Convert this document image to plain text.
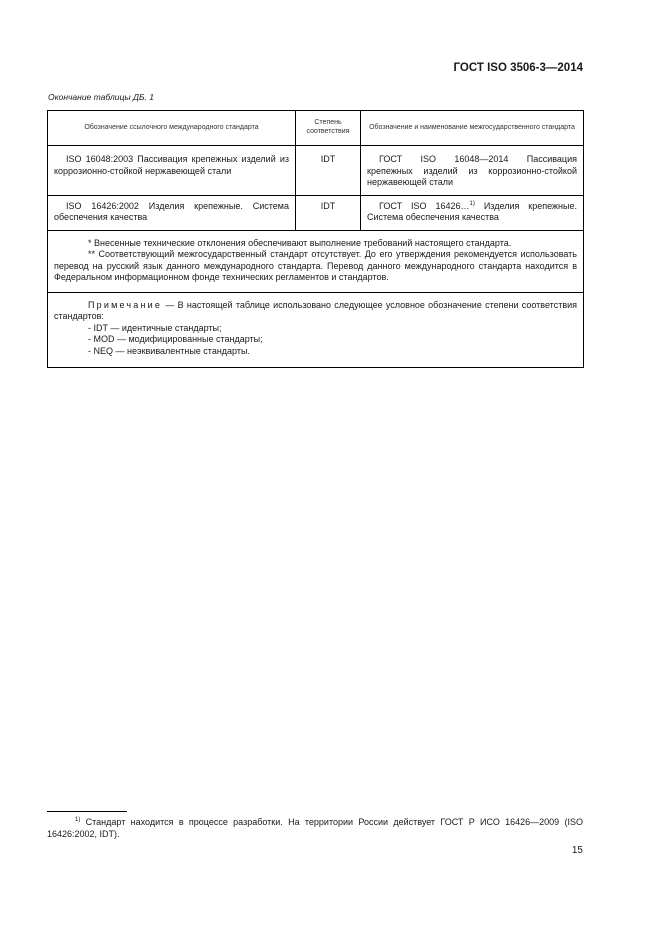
ГОСТ ISO 3506-3—2014
Окончание таблицы ДБ. 1
Обозначение ссылочного международного стандарта	Степень соответствия	Обозначение и наименование межгосударственного стандарта
ISO 16048:2003 Пассивация крепежных изделий из коррозионно-стойкой нержавеющей стали	IDT	ГОСТ ISO 16048—2014 Пассивация крепежных изделий из коррозионно-стойкой нержавеющей стали
ISO 16426:2002 Изделия крепежные. Система обеспечения качества	IDT	ГОСТ ISO 16426…$^{1)}$ Изделия крепежные. Система обеспечения качества

* Внесенные технические отклонения обеспечивают выполнение требований настоящего стандарта.

** Соответствующий межгосударственный стандарт отсутствует. До его утверждения рекомендуется использовать перевод на русский язык данного международного стандарта. Перевод данного международного стандарта находится в Федеральном информационном фонде технических регламентов и стандартов.		

Примечание — В настоящей таблице использовано следующее условное обозначение степени соответствия стандартов:

- IDT — идентичные стандарты;

- MOD — модифицированные стандарты;

- NEQ — неэквивалентные стандарты.		

$^{1)}$ Стандарт находится в процессе разработки. На территории России действует ГОСТ Р ИСО 16426—2009 (ISO 16426:2002, IDT).

15
